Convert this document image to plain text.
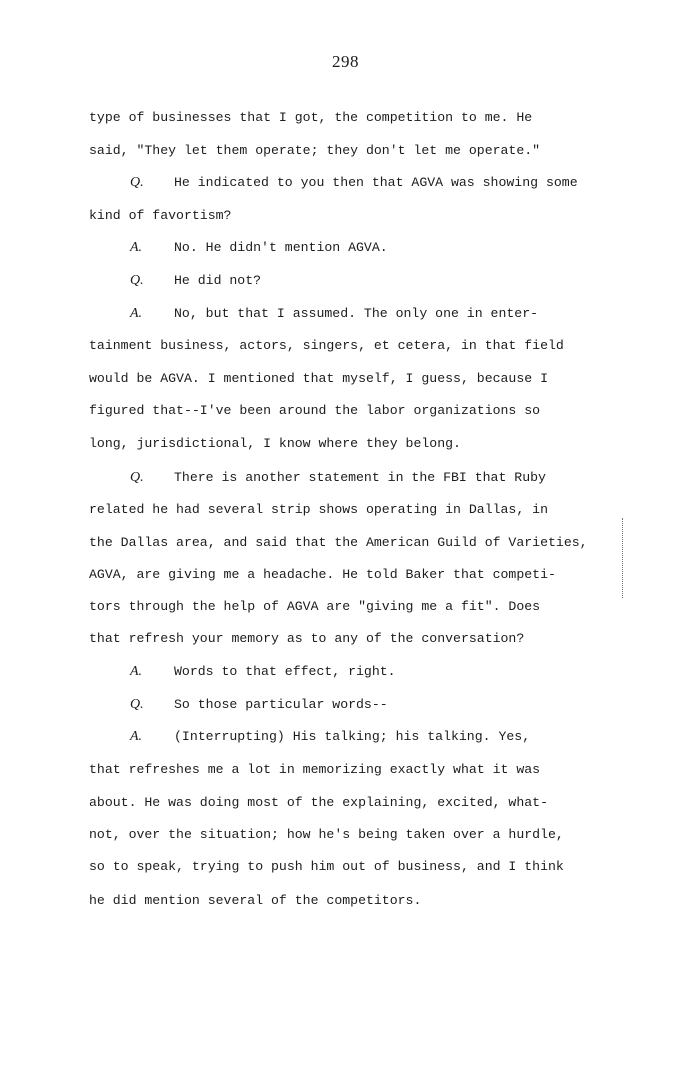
298
type of businesses that I got, the competition to me. He
said, "They let them operate; they don't let me operate."
Q. He indicated to you then that AGVA was showing some
kind of favortism?
A. No. He didn't mention AGVA.
Q. He did not?
A. No, but that I assumed. The only one in enter-
tainment business, actors, singers, et cetera, in that field
would be AGVA. I mentioned that myself, I guess, because I
figured that--I've been around the labor organizations so
long, jurisdictional, I know where they belong.
Q. There is another statement in the FBI that Ruby
related he had several strip shows operating in Dallas, in
the Dallas area, and said that the American Guild of Varieties,
AGVA, are giving me a headache. He told Baker that competi-
tors through the help of AGVA are "giving me a fit". Does
that refresh your memory as to any of the conversation?
A. Words to that effect, right.
Q. So those particular words--
A. (Interrupting) His talking; his talking. Yes,
that refreshes me a lot in memorizing exactly what it was
about. He was doing most of the explaining, excited, what-
not, over the situation; how he's being taken over a hurdle,
so to speak, trying to push him out of business, and I think
he did mention several of the competitors.
